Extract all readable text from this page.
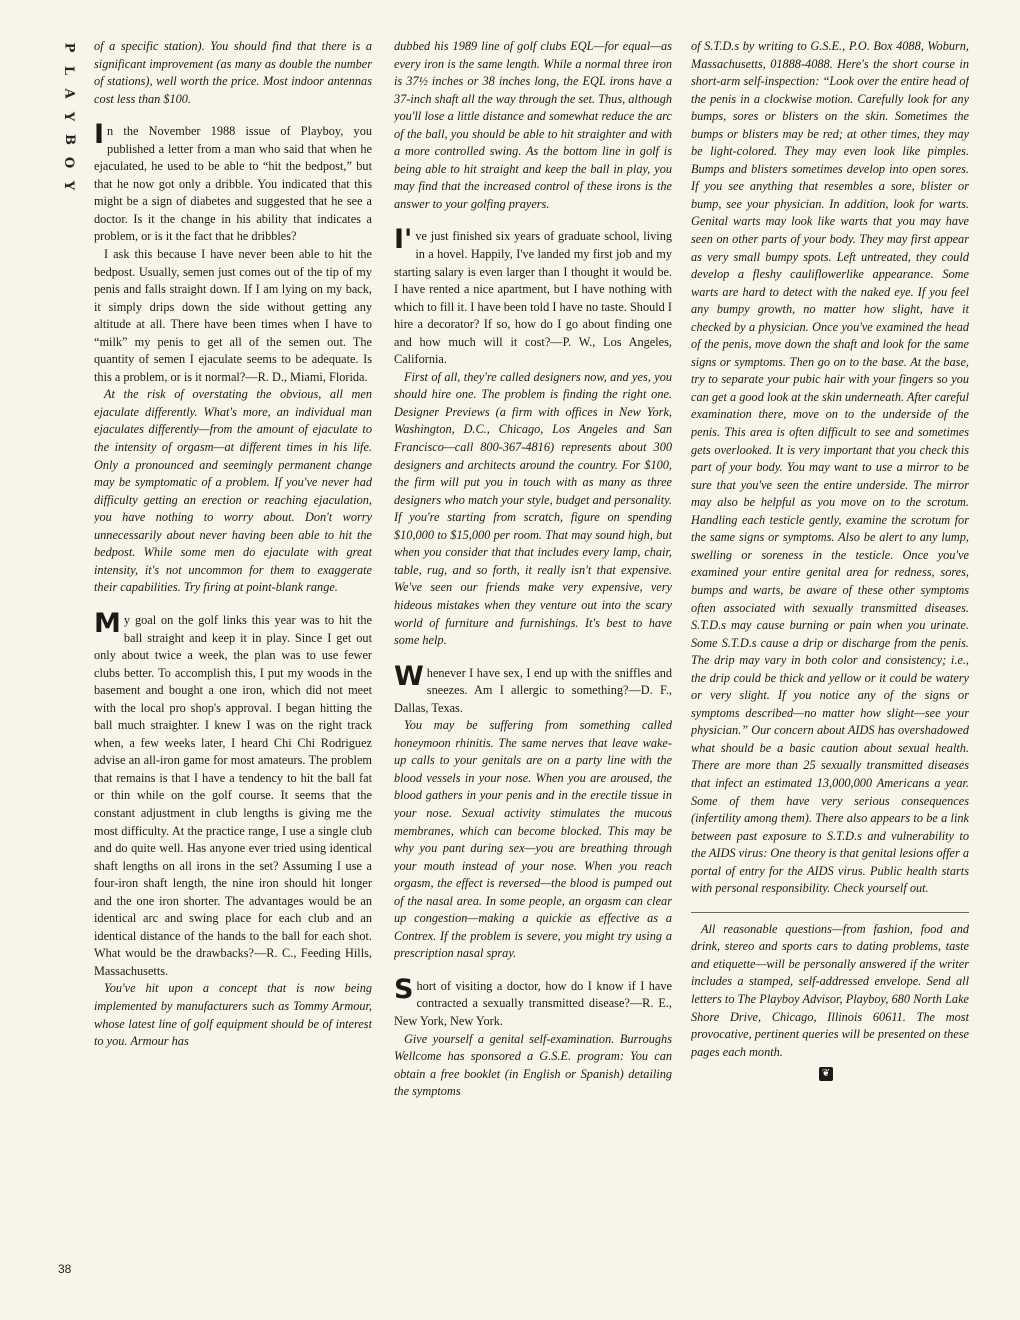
P
L
A
Y
B
O
Y
38

of a specific station). You should find that there is a significant improvement (as many as double the number of stations), well worth the price. Most indoor antennas cost less than $100.

In the November 1988 issue of Playboy, you published a letter from a man who said that when he ejaculated, he used to be able to “hit the bedpost,” but that he now got only a dribble. You indicated that this might be a sign of diabetes and suggested that he see a doctor. Is it the change in his ability that indicates a problem, or is it the fact that he dribbles?

I ask this because I have never been able to hit the bedpost. Usually, semen just comes out of the tip of my penis and falls straight down. If I am lying on my back, it simply drips down the side without getting any altitude at all. There have been times when I have to “milk” my penis to get all of the semen out. The quantity of semen I ejaculate seems to be adequate. Is this a problem, or is it normal?—R. D., Miami, Florida.

At the risk of overstating the obvious, all men ejaculate differently. What's more, an individual man ejaculates differently—from the amount of ejaculate to the intensity of orgasm—at different times in his life. Only a pronounced and seemingly permanent change may be symptomatic of a problem. If you've never had difficulty getting an erection or reaching ejaculation, you have nothing to worry about. Don't worry unnecessarily about never having been able to hit the bedpost. While some men do ejaculate with great intensity, it's not uncommon for them to exaggerate their capabilities. Try firing at point-blank range.

My goal on the golf links this year was to hit the ball straight and keep it in play. Since I get out only about twice a week, the plan was to use fewer clubs better. To accomplish this, I put my woods in the basement and bought a one iron, which did not meet with the local pro shop's approval. I began hitting the ball much straighter. I knew I was on the right track when, a few weeks later, I heard Chi Chi Rodriguez advise an all-iron game for most amateurs. The problem that remains is that I have a tendency to hit the ball fat or thin while on the golf course. It seems that the constant adjustment in club lengths is giving me the most difficulty. At the practice range, I use a single club and do quite well. Has anyone ever tried using identical shaft lengths on all irons in the set? Assuming I use a four-iron shaft length, the nine iron should hit longer and the one iron shorter. The advantages would be an identical arc and swing place for each club and an identical distance of the hands to the ball for each shot. What would be the drawbacks?—R. C., Feeding Hills, Massachusetts.

You've hit upon a concept that is now being implemented by manufacturers such as Tommy Armour, whose latest line of golf equipment should be of interest to you. Armour has

dubbed his 1989 line of golf clubs EQL—for equal—as every iron is the same length. While a normal three iron is 37½ inches or 38 inches long, the EQL irons have a 37-inch shaft all the way through the set. Thus, although you'll lose a little distance and somewhat reduce the arc of the ball, you should be able to hit straighter and with a more controlled swing. As the bottom line in golf is being able to hit straight and keep the ball in play, you may find that the increased control of these irons is the answer to your golfing prayers.

I've just finished six years of graduate school, living in a hovel. Happily, I've landed my first job and my starting salary is even larger than I thought it would be. I have rented a nice apartment, but I have nothing with which to fill it. I have been told I have no taste. Should I hire a decorator? If so, how do I go about finding one and how much will it cost?—P. W., Los Angeles, California.

First of all, they're called designers now, and yes, you should hire one. The problem is finding the right one. Designer Previews (a firm with offices in New York, Washington, D.C., Chicago, Los Angeles and San Francisco—call 800-367-4816) represents about 300 designers and architects around the country. For $100, the firm will put you in touch with as many as three designers who match your style, budget and personality. If you're starting from scratch, figure on spending $10,000 to $15,000 per room. That may sound high, but when you consider that that includes every lamp, chair, table, rug, and so forth, it really isn't that expensive. We've seen our friends make very expensive, very hideous mistakes when they venture out into the scary world of furniture and furnishings. It's best to have some help.

Whenever I have sex, I end up with the sniffles and sneezes. Am I allergic to something?—D. F., Dallas, Texas.

You may be suffering from something called honeymoon rhinitis. The same nerves that leave wake-up calls to your genitals are on a party line with the blood vessels in your nose. When you are aroused, the blood gathers in your penis and in the erectile tissue in your nose. Sexual activity stimulates the mucous membranes, which can become blocked. This may be why you pant during sex—you are breathing through your mouth instead of your nose. When you reach orgasm, the effect is reversed—the blood is pumped out of the nasal area. In some people, an orgasm can clear up congestion—making a quickie as effective as a Contrex. If the problem is severe, you might try using a prescription nasal spray.

Short of visiting a doctor, how do I know if I have contracted a sexually transmitted disease?—R. E., New York, New York.

Give yourself a genital self-examination. Burroughs Wellcome has sponsored a G.S.E. program: You can obtain a free booklet (in English or Spanish) detailing the symptoms

of S.T.D.s by writing to G.S.E., P.O. Box 4088, Woburn, Massachusetts, 01888-4088. Here's the short course in short-arm self-inspection: “Look over the entire head of the penis in a clockwise motion. Carefully look for any bumps, sores or blisters on the skin. Sometimes the bumps or blisters may be red; at other times, they may be light-colored. They may even look like pimples. Bumps and blisters sometimes develop into open sores. If you see anything that resembles a sore, blister or bump, see your physician. In addition, look for warts. Genital warts may look like warts that you may have seen on other parts of your body. They may first appear as very small bumpy spots. Left untreated, they could develop a fleshy cauliflowerlike appearance. Some warts are hard to detect with the naked eye. If you feel any bumpy growth, no matter how slight, have it checked by a physician. Once you've examined the head of the penis, move down the shaft and look for the same signs or symptoms. Then go on to the base. At the base, try to separate your pubic hair with your fingers so you can get a good look at the skin underneath. After careful examination there, move on to the underside of the penis. This area is often difficult to see and sometimes gets overlooked. It is very important that you check this part of your body. You may want to use a mirror to be sure that you've seen the entire underside. The mirror may also be helpful as you move on to the scrotum. Handling each testicle gently, examine the scrotum for the same signs or symptoms. Also be alert to any lump, swelling or soreness in the testicle. Once you've examined your entire genital area for redness, sores, bumps and warts, be aware of these other symptoms often associated with sexually transmitted diseases. S.T.D.s may cause burning or pain when you urinate. Some S.T.D.s cause a drip or discharge from the penis. The drip may vary in both color and consistency; i.e., the drip could be thick and yellow or it could be watery or very slight. If you notice any of the signs or symptoms described—no matter how slight—see your physician.” Our concern about AIDS has overshadowed what should be a basic caution about sexual health. There are more than 25 sexually transmitted diseases that infect an estimated 13,000,000 Americans a year. Some of them have very serious consequences (infertility among them). There also appears to be a link between past exposure to S.T.D.s and vulnerability to the AIDS virus: One theory is that genital lesions offer a portal of entry for the AIDS virus. Public health starts with personal responsibility. Check yourself out.

All reasonable questions—from fashion, food and drink, stereo and sports cars to dating problems, taste and etiquette—will be personally answered if the writer includes a stamped, self-addressed envelope. Send all letters to The Playboy Advisor, Playboy, 680 North Lake Shore Drive, Chicago, Illinois 60611. The most provocative, pertinent queries will be presented on these pages each month.

❦
